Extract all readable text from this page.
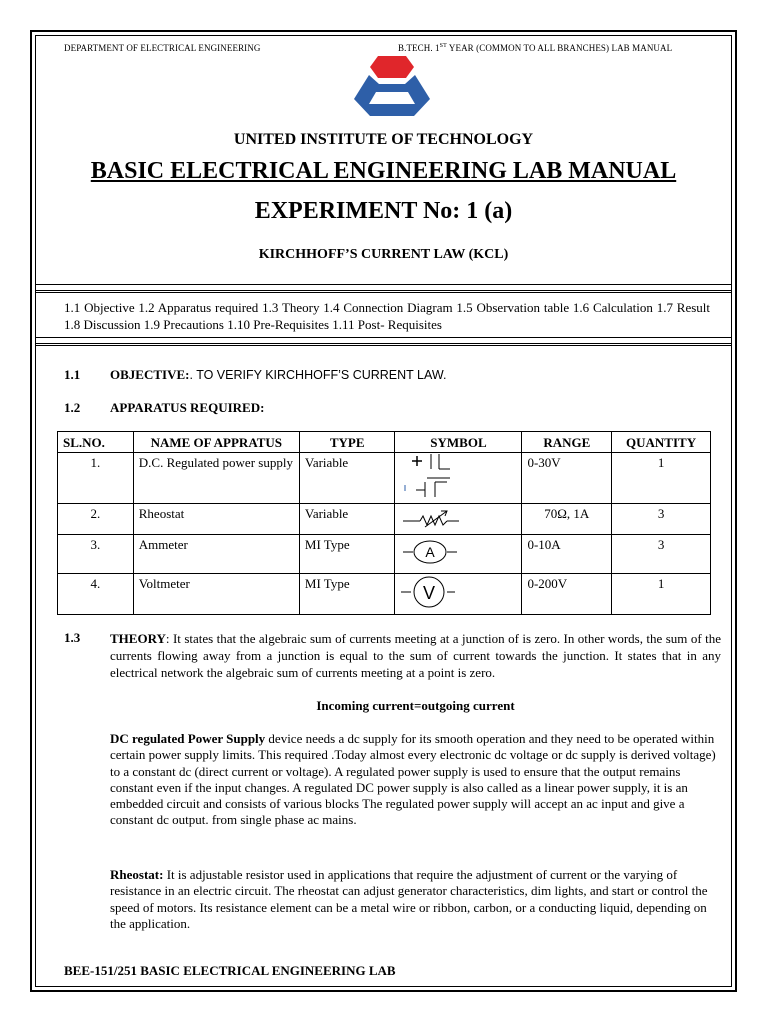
DEPARTMENT OF ELECTRICAL ENGINEERING	B.TECH. 1ST YEAR (COMMON TO ALL BRANCHES) LAB MANUAL
UNITED INSTITUTE OF TECHNOLOGY
BASIC ELECTRICAL ENGINEERING LAB MANUAL
EXPERIMENT No: 1 (a)
KIRCHHOFF’S CURRENT LAW (KCL)
1.1 Objective 1.2 Apparatus required 1.3 Theory 1.4 Connection Diagram 1.5 Observation table 1.6 Calculation 1.7 Result 1.8 Discussion 1.9 Precautions 1.10 Pre-Requisites 1.11 Post- Requisites
1.1 OBJECTIVE:. TO VERIFY KIRCHHOFF’S CURRENT LAW.
1.2 APPARATUS REQUIRED:
SL.NO.	NAME OF APPRATUS	TYPE	SYMBOL	RANGE	QUANTITY
1.	D.C. Regulated power supply	Variable		0-30V	1
2.	Rheostat	Variable		70Ω, 1A	3
3.	Ammeter	MI Type	A	0-10A	3
4.	Voltmeter	MI Type	V	0-200V	1
1.3 THEORY: It states that the algebraic sum of currents meeting at a junction of is zero. In other words, the sum of the currents flowing away from a junction is equal to the sum of current towards the junction. It states that in any electrical network the algebraic sum of currents meeting at a point is zero.
Incoming current=outgoing current
DC regulated Power Supply device needs a dc supply for its smooth operation and they need to be operated within certain power supply limits. This required .Today almost every electronic dc voltage or dc supply is derived voltage) to a constant dc (direct current or voltage). A regulated power supply is used to ensure that the output remains constant even if the input changes. A regulated DC power supply is also called as a linear power supply, it is an embedded circuit and consists of various blocks The regulated power supply will accept an ac input and give a constant dc output. from single phase ac mains.
Rheostat: It is adjustable resistor used in applications that require the adjustment of current or the varying of resistance in an electric circuit. The rheostat can adjust generator characteristics, dim lights, and start or control the speed of motors. Its resistance element can be a metal wire or ribbon, carbon, or a conducting liquid, depending on the application.
BEE-151/251 BASIC ELECTRICAL ENGINEERING LAB
